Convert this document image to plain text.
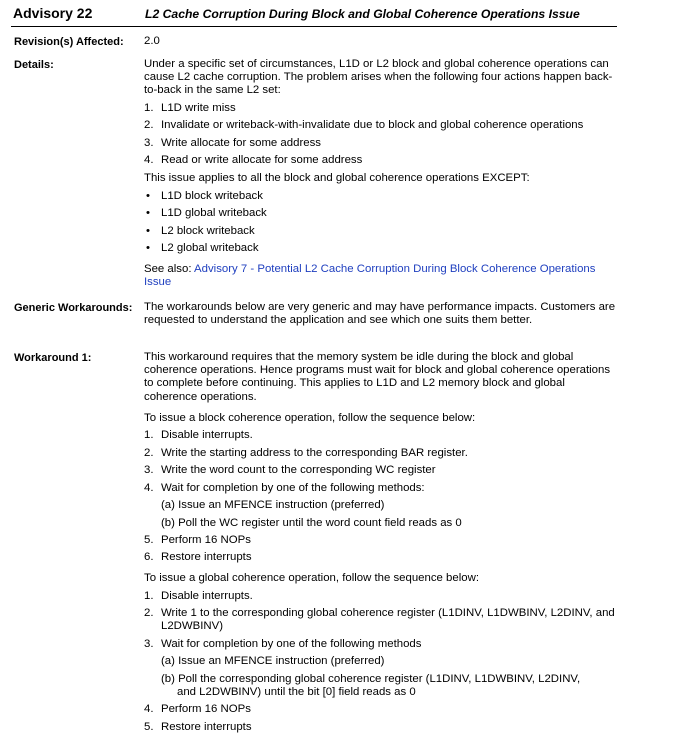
Advisory 22	L2 Cache Corruption During Block and Global Coherence Operations Issue
Revision(s) Affected: 2.0
Details:	Under a specific set of circumstances, L1D or L2 block and global coherence operations can cause L2 cache corruption. The problem arises when the following four actions happen back-to-back in the same L2 set:

1. L1D write miss
2. Invalidate or writeback-with-invalidate due to block and global coherence operations
3. Write allocate for some address
4. Read or write allocate for some address

This issue applies to all the block and global coherence operations EXCEPT:

• L1D block writeback
• L1D global writeback
• L2 block writeback
• L2 global writeback

See also: Advisory 7 - Potential L2 Cache Corruption During Block Coherence Operations Issue

Generic Workarounds: The workarounds below are very generic and may have performance impacts. Customers are requested to understand the application and see which one suits them better.
Workaround 1:	This workaround requires that the memory system be idle during the block and global coherence operations. Hence programs must wait for block and global coherence operations to complete before continuing. This applies to L1D and L2 memory block and global coherence operations.

To issue a block coherence operation, follow the sequence below:

1. Disable interrupts.
2. Write the starting address to the corresponding BAR register.
3. Write the word count to the corresponding WC register
4. Wait for completion by one of the following methods:
(a) Issue an MFENCE instruction (preferred)
(b) Poll the WC register until the word count field reads as 0
5. Perform 16 NOPs
6. Restore interrupts

To issue a global coherence operation, follow the sequence below:

1. Disable interrupts.
2. Write 1 to the corresponding global coherence register (L1DINV, L1DWBINV, L2DINV, and L2DWBINV)
3. Wait for completion by one of the following methods
(a) Issue an MFENCE instruction (preferred)
(b) Poll the corresponding global coherence register (L1DINV, L1DWBINV, L2DINV,
and L2DWBINV) until the bit [0] field reads as 0
4. Perform 16 NOPs
5. Restore interrupts
